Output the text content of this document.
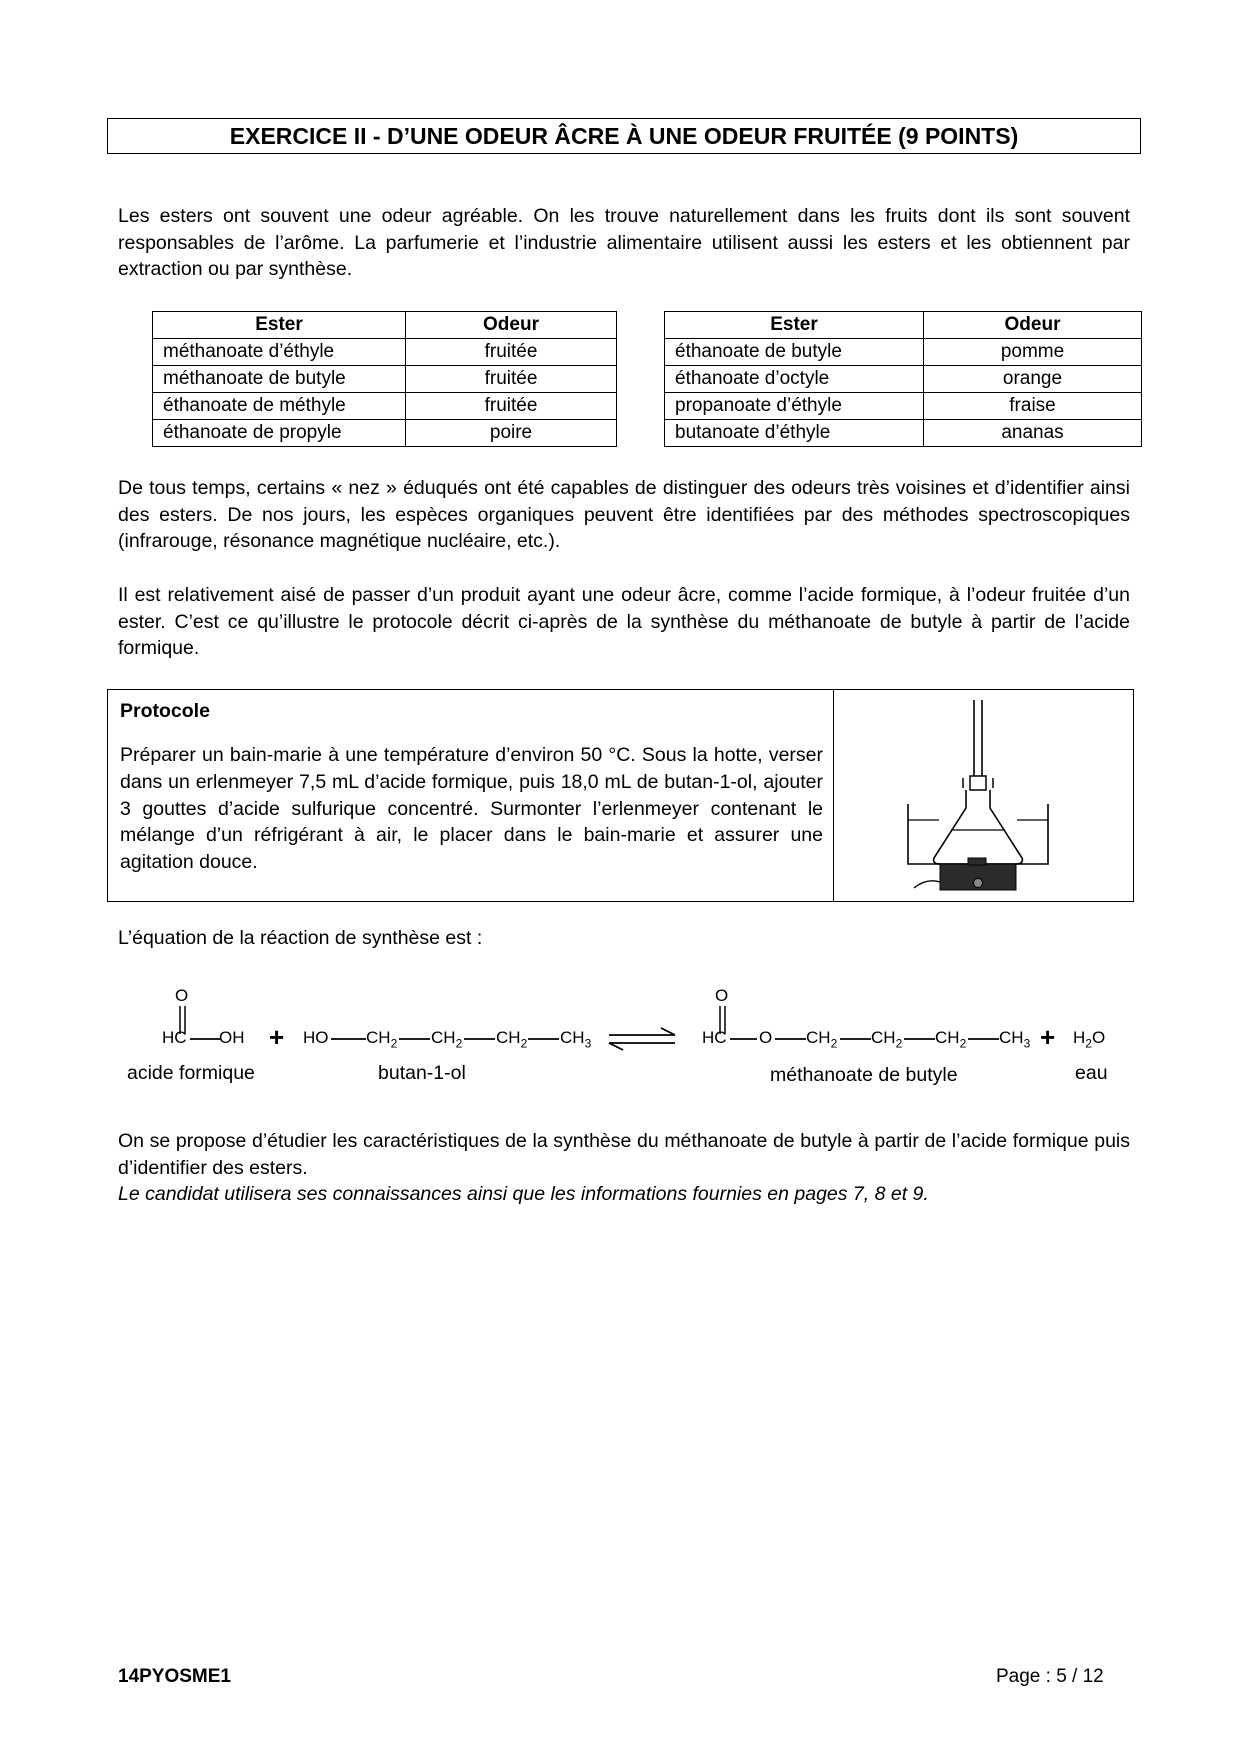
EXERCICE II - D’UNE ODEUR ÂCRE À UNE ODEUR FRUITÉE (9 POINTS)

Les esters ont souvent une odeur agréable. On les trouve naturellement dans les fruits dont ils sont souvent responsables de l’arôme. La parfumerie et l’industrie alimentaire utilisent aussi les esters et les obtiennent par extraction ou par synthèse.

Ester	Odeur
méthanoate d’éthyle	fruitée
méthanoate de butyle	fruitée
éthanoate de méthyle	fruitée
éthanoate de propyle	poire
Ester	Odeur
éthanoate de butyle	pomme
éthanoate d’octyle	orange
propanoate d’éthyle	fraise
butanoate d’éthyle	ananas

De tous temps, certains « nez » éduqués ont été capables de distinguer des odeurs très voisines et d’identifier ainsi des esters. De nos jours, les espèces organiques peuvent être identifiées par des méthodes spectroscopiques (infrarouge, résonance magnétique nucléaire, etc.).

Il est relativement aisé de passer d’un produit ayant une odeur âcre, comme l’acide formique, à l’odeur fruitée d’un ester. C’est ce qu’illustre le protocole décrit ci-après de la synthèse du méthanoate de butyle à partir de l’acide formique.

Protocole

Préparer un bain-marie à une température d’environ 50 °C. Sous la hotte, verser dans un erlenmeyer 7,5 mL d’acide formique, puis 18,0 mL de butan-1-ol, ajouter 3 gouttes d’acide sulfurique concentré. Surmonter l’erlenmeyer contenant le mélange d’un réfrigérant à air, le placer dans le bain-marie et assurer une agitation douce.

L’équation de la réaction de synthèse est :
O
HC OH + HO $CH_2$ $CH_2$ $CH_2$ $CH_3$
O
HC O $CH_2$ $CH_2$ $CH_2$ $CH_3 + H_2O$
acide formique	butan-1-ol	méthanoate de butyle	eau

On se propose d’étudier les caractéristiques de la synthèse du méthanoate de butyle à partir de l’acide formique puis d’identifier des esters.

Le candidat utilisera ses connaissances ainsi que les informations fournies en pages 7, 8 et 9.

14PYOSME1	Page : 5 / 12
